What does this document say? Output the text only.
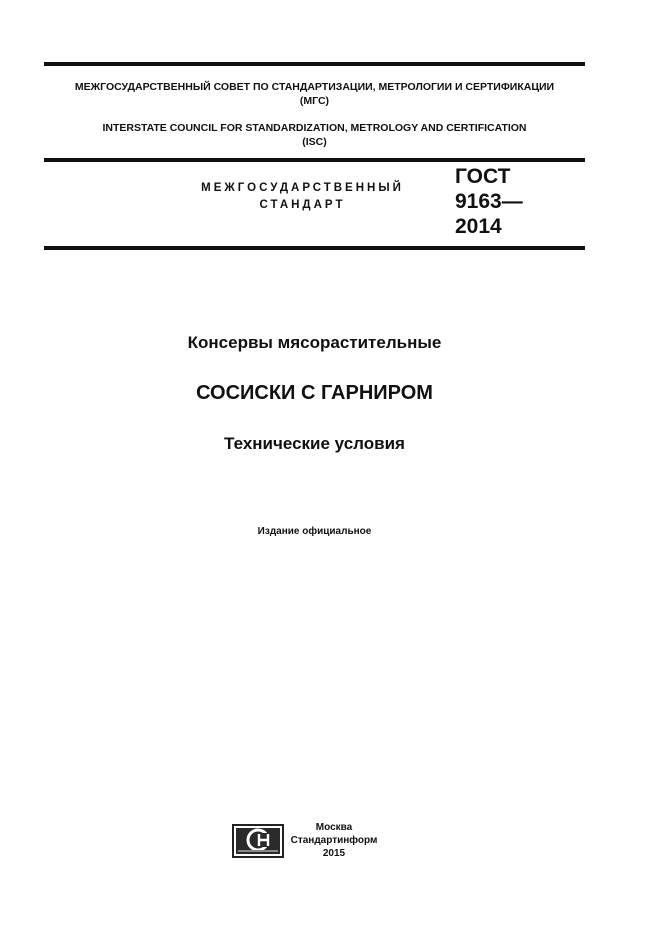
МЕЖГОСУДАРСТВЕННЫЙ СОВЕТ ПО СТАНДАРТИЗАЦИИ, МЕТРОЛОГИИ И СЕРТИФИКАЦИИ
(МГС)
INTERSTATE COUNCIL FOR STANDARDIZATION, METROLOGY AND CERTIFICATION
(ISC)
МЕЖГОСУДАРСТВЕННЫЙ
СТАНДАРТ
ГОСТ
9163—
2014
Консервы мясорастительные
СОСИСКИ С ГАРНИРОМ
Технические условия
Издание официальное
Москва
Стандартинформ
2015
